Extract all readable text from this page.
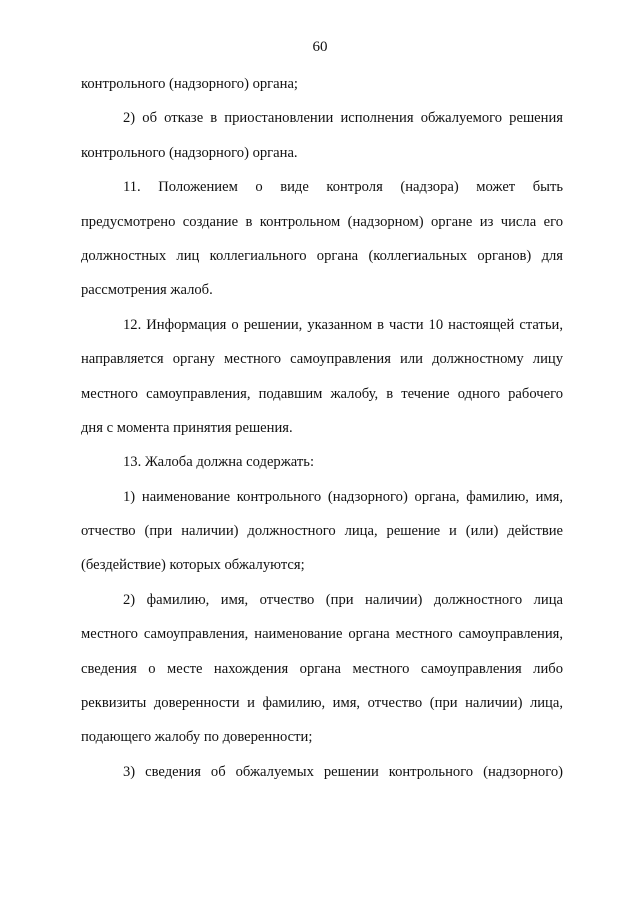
60
контрольного (надзорного) органа;
2) об отказе в приостановлении исполнения обжалуемого решения
контрольного (надзорного) органа.
11. Положением о виде контроля (надзора) может быть
предусмотрено создание в контрольном (надзорном) органе из числа его
должностных лиц коллегиального органа (коллегиальных органов) для
рассмотрения жалоб.
12. Информация о решении, указанном в части 10 настоящей статьи,
направляется органу местного самоуправления или должностному лицу
местного самоуправления, подавшим жалобу, в течение одного рабочего
дня с момента принятия решения.
13. Жалоба должна содержать:
1) наименование контрольного (надзорного) органа, фамилию, имя,
отчество (при наличии) должностного лица, решение и (или) действие
(бездействие) которых обжалуются;
2) фамилию, имя, отчество (при наличии) должностного лица
местного самоуправления, наименование органа местного самоуправления,
сведения о месте нахождения органа местного самоуправления либо
реквизиты доверенности и фамилию, имя, отчество (при наличии) лица,
подающего жалобу по доверенности;
3) сведения об обжалуемых решении контрольного (надзорного)
